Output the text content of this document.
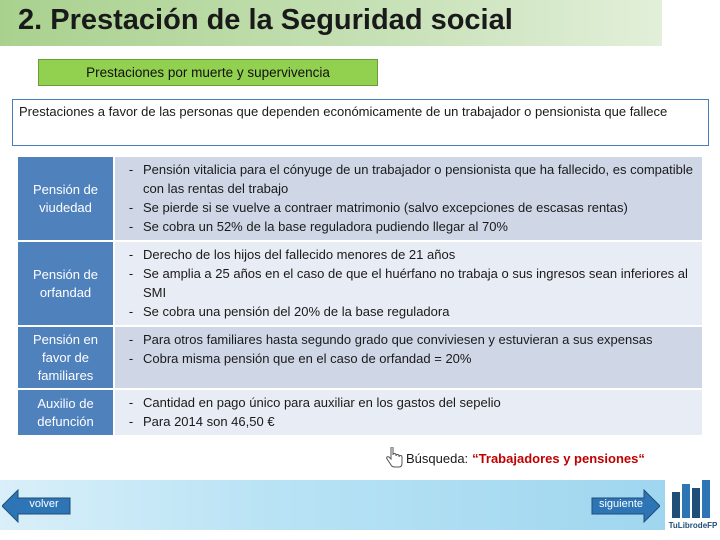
2. Prestación de la Seguridad social
Prestaciones por muerte y supervivencia
Prestaciones a favor de las personas que dependen económicamente de un trabajador o pensionista que fallece
Pensión de viudedad
- Pensión vitalicia para el cónyuge de un trabajador o pensionista que ha fallecido, es compatible con las rentas del trabajo
- Se pierde si se vuelve a contraer matrimonio (salvo excepciones de escasas rentas)
- Se cobra un 52% de la base reguladora pudiendo llegar al 70%
Pensión de orfandad
- Derecho de los hijos del fallecido menores de 21 años
- Se amplia a 25 años en el caso de que el huérfano no trabaja o sus ingresos sean inferiores al SMI
- Se cobra una pensión del 20% de la base reguladora
Pensión en favor de familiares
- Para otros familiares hasta segundo grado que conviviesen y estuvieran a sus expensas
- Cobra misma pensión que en el caso de orfandad = 20%
Auxilio de defunción
- Cantidad en pago único para auxiliar en los gastos del sepelio
- Para 2014 son 46,50 €
Búsqueda: “Trabajadores y pensiones“
volver	siguiente
TuLibrodeFP
